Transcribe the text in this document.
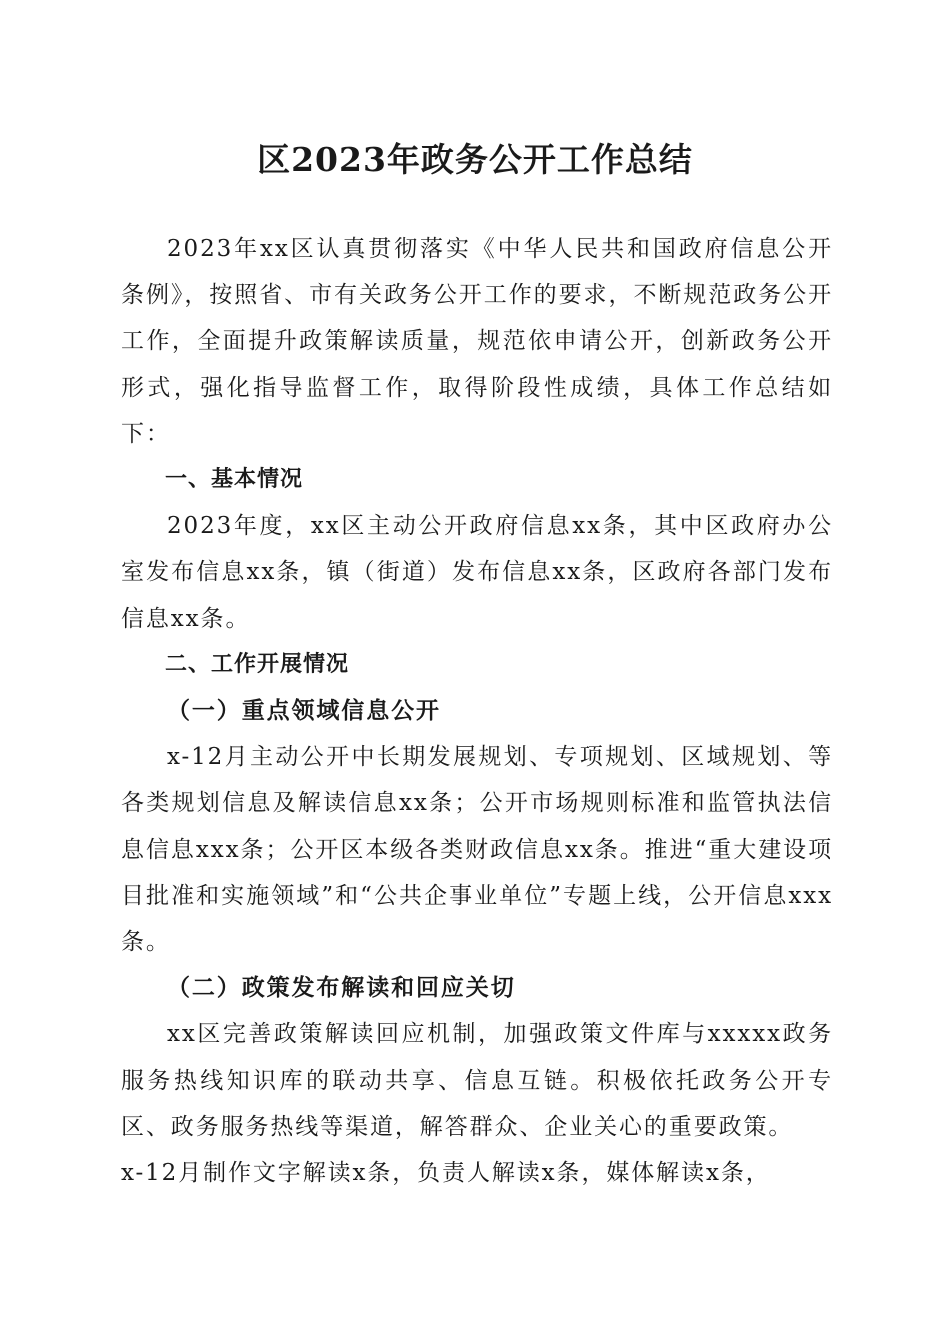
区2023年政务公开工作总结

2023年xx区认真贯彻落实《中华人民共和国政府信息公开条例》，按照省、市有关政务公开工作的要求，不断规范政务公开工作，全面提升政策解读质量，规范依申请公开，创新政务公开形式，强化指导监督工作，取得阶段性成绩，具体工作总结如下：

一、基本情况

2023年度，xx区主动公开政府信息xx条，其中区政府办公室发布信息xx条，镇（街道）发布信息xx条，区政府各部门发布信息xx条。

二、工作开展情况

（一）重点领域信息公开

x-12月主动公开中长期发展规划、专项规划、区域规划、等各类规划信息及解读信息xx条；公开市场规则标准和监管执法信息信息xxx条；公开区本级各类财政信息xx条。推进“重大建设项目批准和实施领域”和“公共企事业单位”专题上线，公开信息xxx条。

（二）政策发布解读和回应关切

xx区完善政策解读回应机制，加强政策文件库与xxxxx政务服务热线知识库的联动共享、信息互链。积极依托政务公开专区、政务服务热线等渠道，解答群众、企业关心的重要政策。

x-12月制作文字解读x条，负责人解读x条，媒体解读x条，
